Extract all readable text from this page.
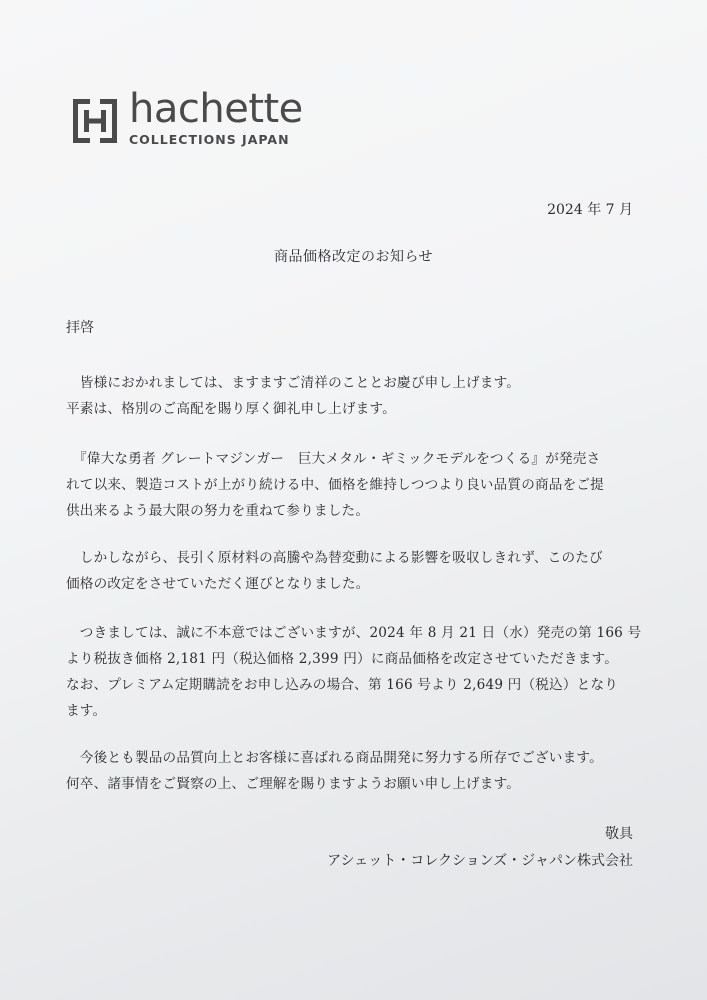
hachette
COLLECTIONS JAPAN
2024 年 7 月
商品価格改定のお知らせ
拝啓
　皆様におかれましては、ますますご清祥のこととお慶び申し上げます。
平素は、格別のご高配を賜り厚く御礼申し上げます。
　『偉大な勇者 グレートマジンガー　巨大メタル・ギミックモデルをつくる』が発売さ
れて以来、製造コストが上がり続ける中、価格を維持しつつより良い品質の商品をご提
供出来るよう最大限の努力を重ねて参りました。
　しかしながら、長引く原材料の高騰や為替変動による影響を吸収しきれず、このたび
価格の改定をさせていただく運びとなりました。
　つきましては、誠に不本意ではございますが、2024 年 8 月 21 日（水）発売の第 166 号
より税抜き価格 2,181 円（税込価格 2,399 円）に商品価格を改定させていただきます。
なお、プレミアム定期購読をお申し込みの場合、第 166 号より 2,649 円（税込）となり
ます。
　今後とも製品の品質向上とお客様に喜ばれる商品開発に努力する所存でございます。
何卒、諸事情をご賢察の上、ご理解を賜りますようお願い申し上げます。
敬具
アシェット・コレクションズ・ジャパン株式会社
